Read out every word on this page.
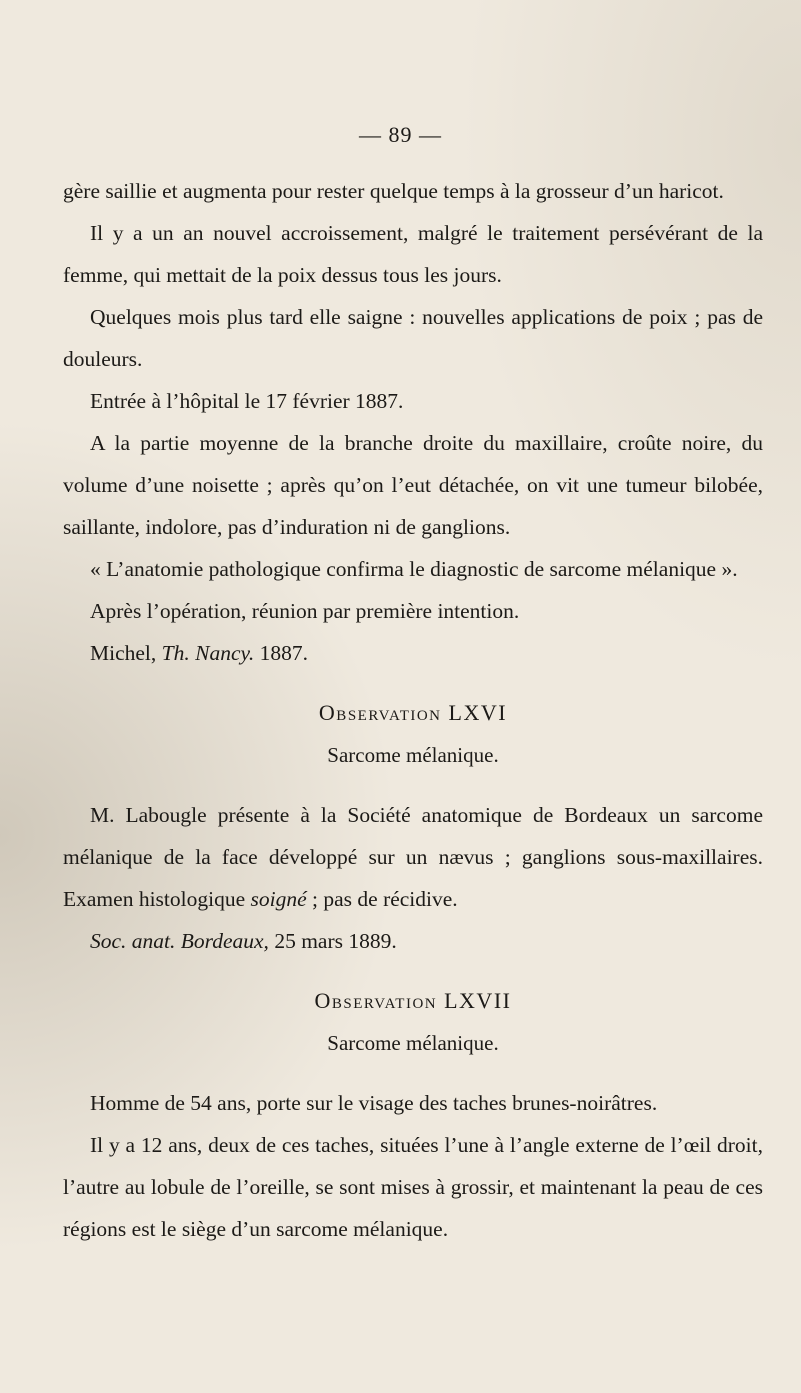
— 89 —

gère saillie et augmenta pour rester quelque temps à la grosseur d’un haricot.

Il y a un an nouvel accroissement, malgré le traitement persévérant de la femme, qui mettait de la poix dessus tous les jours.

Quelques mois plus tard elle saigne : nouvelles applications de poix ; pas de douleurs.

Entrée à l’hôpital le 17 février 1887.

A la partie moyenne de la branche droite du maxillaire, croûte noire, du volume d’une noisette ; après qu’on l’eut détachée, on vit une tumeur bilobée, saillante, indolore, pas d’induration ni de ganglions.

« L’anatomie pathologique confirma le diagnostic de sarcome mélanique ».

Après l’opération, réunion par première intention.

Michel, Th. Nancy. 1887.

Observation LXVI

Sarcome mélanique.

M. Labougle présente à la Société anatomique de Bordeaux un sarcome mélanique de la face développé sur un nævus ; ganglions sous-maxillaires. Examen histologique soigné ; pas de récidive.

Soc. anat. Bordeaux, 25 mars 1889.

Observation LXVII

Sarcome mélanique.

Homme de 54 ans, porte sur le visage des taches brunes-noirâtres.

Il y a 12 ans, deux de ces taches, situées l’une à l’angle externe de l’œil droit, l’autre au lobule de l’oreille, se sont mises à grossir, et maintenant la peau de ces régions est le siège d’un sarcome mélanique.
